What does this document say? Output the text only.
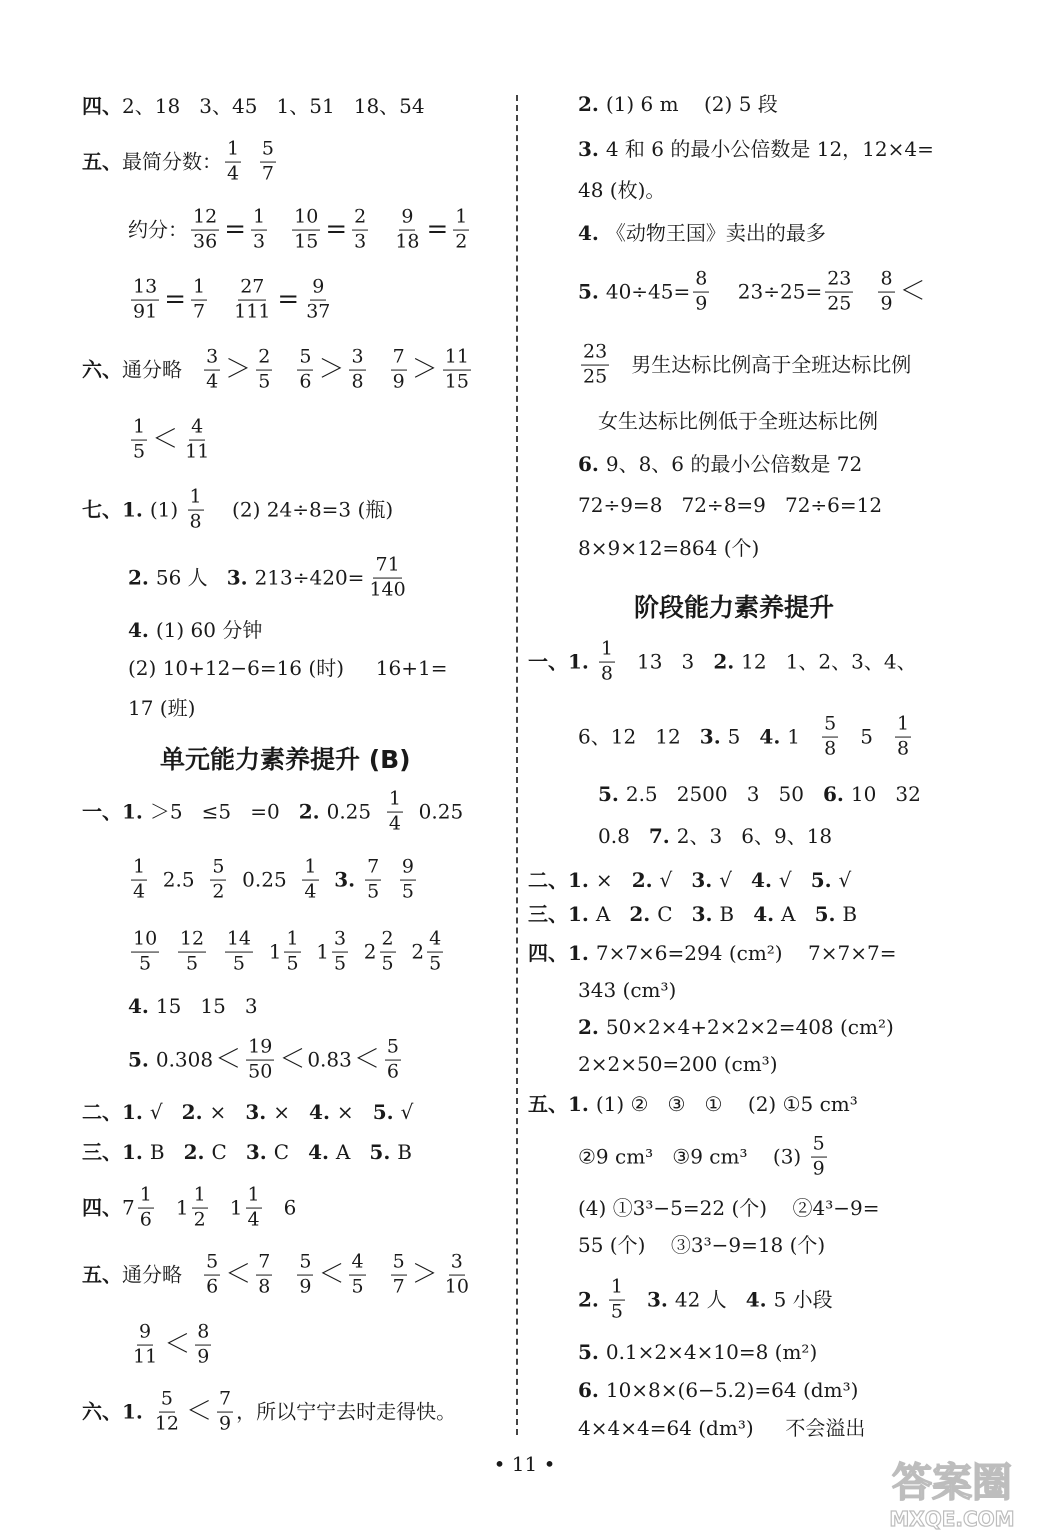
单元能力素养提升 (B)
四、 2、18   3、45   1、51   18、54
五、 最简分数： $\frac{1}{4}$
$\frac{5}{7}$
约分： $\frac{12}{36} = \frac{1}{3}$
$\frac{10}{15} = \frac{2}{3}$
$\frac{9}{18} = \frac{1}{2}$
$\frac{13}{91} = \frac{1}{7}$
$\frac{27}{111} = \frac{9}{37}$
六、 通分略 $\frac{3}{4} > \frac{2}{5}$
$\frac{5}{6} > \frac{3}{8}$
$\frac{7}{9} > \frac{11}{15}$
$\frac{1}{5} < \frac{4}{11}$
七、1. $(1) \frac{1}{8} (2)$ 24÷8=3 (瓶)
2. 56 人 3. $213\div 420= \frac{71}{140}$
4. (1) 60 分钟
(2) 10+12−6=16 (时)     16+1=
17 (班)
一、1. ＞5   ≤5   =0 2. $0.25 \frac{1}{4} 0.25$
$\frac{1}{4} 2.5 \frac{5}{2} 0.25 \frac{1}{4}$
3. $\frac{7}{5}$
$\frac{9}{5}$
$\frac{10}{5}$
$\frac{12}{5}$
$\frac{14}{5} 1 \frac{1}{5} 1 \frac{3}{5} 2 \frac{2}{5} 2 \frac{4}{5}$
4. 15   15   3
5. $0.308 < \frac{19}{50} < 0.83 < \frac{5}{6}$
二、1. √ 2. × 3. × 4. × 5. √
三、1. B 2. C 3. C 4. A 5. B
四、 $7 \frac{1}{6} 1 \frac{1}{2} 1 \frac{1}{4} 6$
五、 通分略 $\frac{5}{6} < \frac{7}{8}$
$\frac{5}{9} < \frac{4}{5}$
$\frac{5}{7} > \frac{3}{10}$
$\frac{9}{11} < \frac{8}{9}$
六、1. $\frac{5}{12} < \frac{7}{9}$ ，所以宁宁去时走得快。
阶段能力素养提升
2. (1) 6 m    (2) 5 段
3. 4 和 6 的最小公倍数是 12，12×4=
48 (枚)。
4. 《动物王国》卖出的最多
5. $40\div 45= \frac{8}{9} 23\div 25= \frac{23}{25}$
$\frac{8}{9}$ ＜
$\frac{23}{25}$ 男生达标比例高于全班达标比例
女生达标比例低于全班达标比例
6. 9、8、6 的最小公倍数是 72
72÷9=8   72÷8=9   72÷6=12
8×9×12=864 (个)
一、1. $\frac{1}{8} 13$   3 2. 12   1、2、3、4、
6、12   12 3. 5 4. $1 \frac{5}{8} 5 \frac{1}{8}$
5. 2.5   2500   3   50 6. 10   32
0.8 7. 2、3   6、9、18
二、1. × 2. √ 3. √ 4. √ 5. √
三、1. A 2. C 3. B 4. A 5. B
四、1. 7×7×6=294 (cm²)    7×7×7=
343 (cm³)
2. 50×2×4+2×2×2=408 (cm²)
2×2×50=200 (cm³)
五、1. (1) ②   ③   ①    (2) ①5 cm³
②9 cm³   ③9 cm³    $(3) \frac{5}{9}$
(4) ①3³−5=22 (个)    ②4³−9=
55 (个)    ③3³−9=18 (个)
2. $\frac{1}{5}$
3. 42 人 4. 5 小段
5. 0.1×2×4×10=8 (m²)
6. 10×8×(6−5.2)=64 (dm³)
4×4×4=64 (dm³)     不会溢出
• 11 •	答案圈
MXQE.COM
